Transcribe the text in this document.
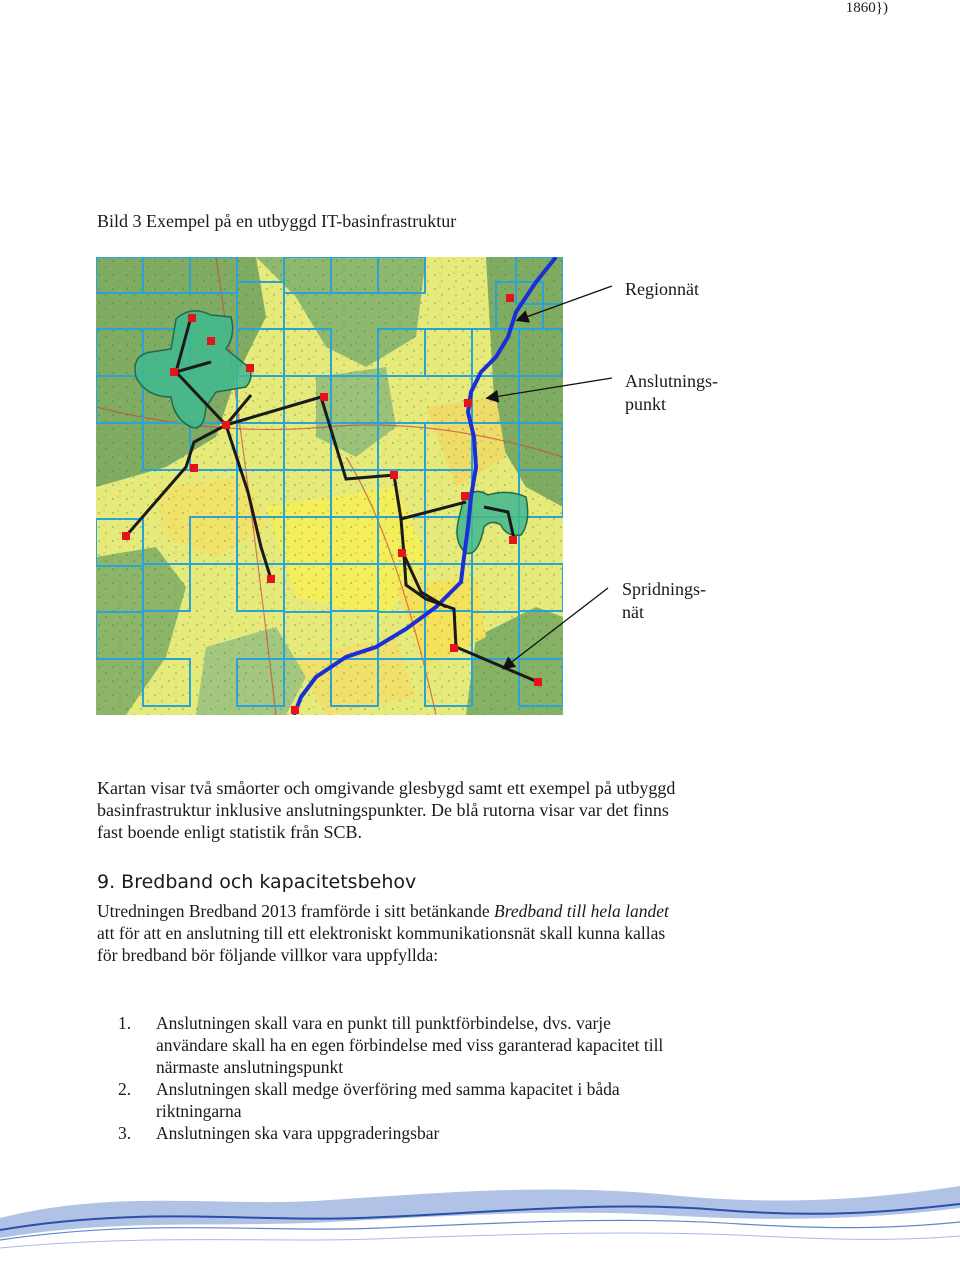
1860})
Bild 3 Exempel på en utbyggd IT-basinfrastruktur
Regionnät
Anslutnings-
punkt
Spridnings-
nät
Kartan visar två småorter och omgivande glesbygd samt ett exempel på utbyggd basinfrastruktur inklusive anslutningspunkter. De blå rutorna visar var det finns fast boende enligt statistik från SCB.
9. Bredband och kapacitetsbehov
Utredningen Bredband 2013 framförde i sitt betänkande Bredband till hela landet att för att en anslutning till ett elektroniskt kommunikationsnät skall kunna kallas för bredband bör följande villkor vara uppfyllda:
1. Anslutningen skall vara en punkt till punktförbindelse, dvs. varje användare skall ha en egen förbindelse med viss garanterad kapacitet till närmaste anslutningspunkt
2. Anslutningen skall medge överföring med samma kapacitet i båda riktningarna
3. Anslutningen ska vara uppgraderingsbar
